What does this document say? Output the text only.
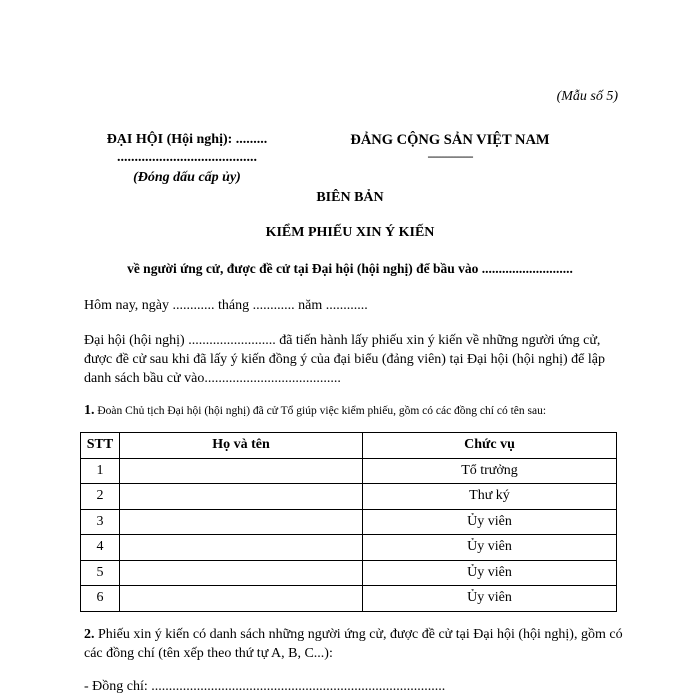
(Mẫu số 5)
ĐẠI HỘI (Hội nghị): .........
........................................
(Đóng dấu cấp ủy)
ĐẢNG CỘNG SẢN VIỆT NAM
---------------
BIÊN BẢN
KIỂM PHIẾU XIN Ý KIẾN
về người ứng cử, được đề cử tại Đại hội (hội nghị) để bầu vào ...........................
Hôm nay, ngày ............ tháng ............ năm ............
Đại hội (hội nghị) ......................... đã tiến hành lấy phiếu xin ý kiến về những người ứng cử, được đề cử sau khi đã lấy ý kiến đồng ý của đại biểu (đảng viên) tại Đại hội (hội nghị) để lập danh sách bầu cử vào.......................................
1. Đoàn Chủ tịch Đại hội (hội nghị) đã cử Tổ giúp việc kiểm phiếu, gồm có các đồng chí có tên sau:
STT	Họ và tên	Chức vụ
1		Tổ trưởng
2		Thư ký
3		Ủy viên
4		Ủy viên
5		Ủy viên
6		Ủy viên
2. Phiếu xin ý kiến có danh sách những người ứng cử, được đề cử tại Đại hội (hội nghị), gồm có các đồng chí (tên xếp theo thứ tự A, B, C...):
- Đồng chí: ....................................................................................
